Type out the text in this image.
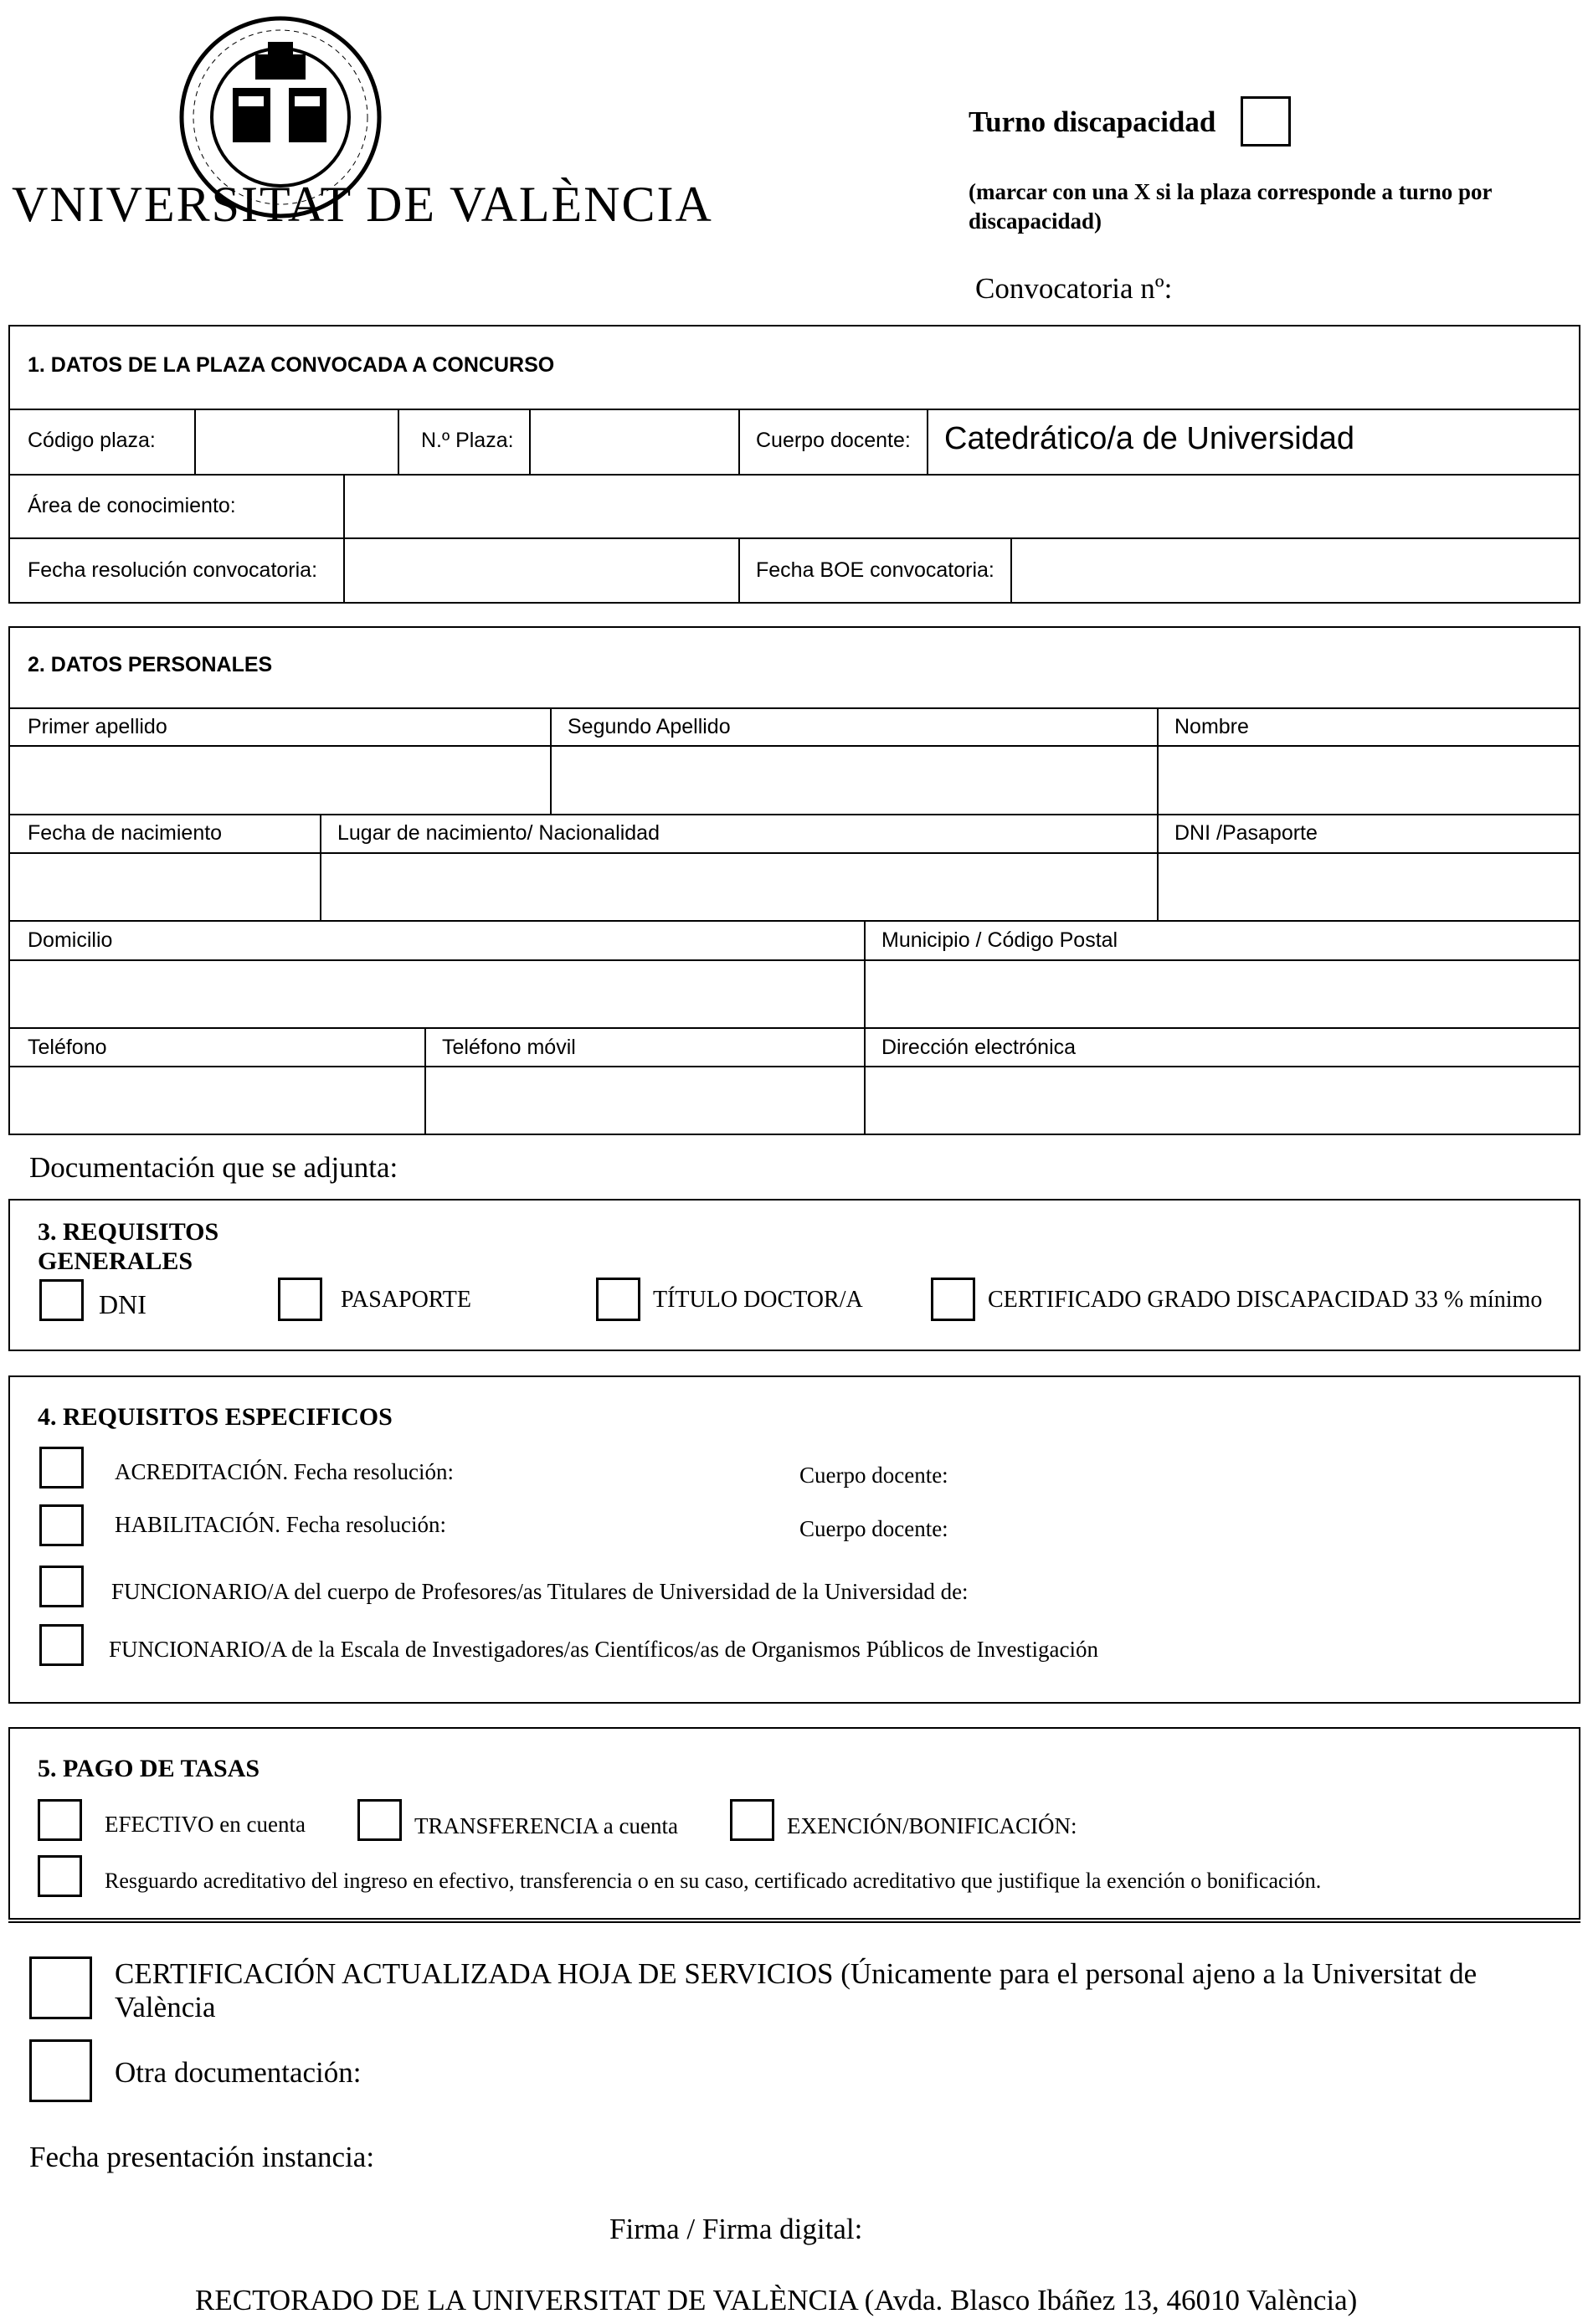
VNIVERSITAT DE VALÈNCIA
Turno discapacidad
(marcar con una X si la plaza corresponde a turno por discapacidad)
Convocatoria nº:
1. DATOS DE LA PLAZA CONVOCADA A CONCURSO
Código plaza:	N.º Plaza:	Cuerpo docente: Catedrático/a de Universidad
Área de conocimiento:
Fecha resolución convocatoria:	Fecha BOE convocatoria:
2. DATOS PERSONALES
Primer apellido	Segundo Apellido	Nombre
Fecha de nacimiento	Lugar de nacimiento/ Nacionalidad	DNI /Pasaporte
Domicilio	Municipio / Código Postal
Teléfono	Teléfono móvil	Dirección electrónica
Documentación que se adjunta:
3. REQUISITOS
GENERALES
DNI	PASAPORTE	TÍTULO DOCTOR/A	CERTIFICADO GRADO DISCAPACIDAD 33 % mínimo
4. REQUISITOS ESPECIFICOS
ACREDITACIÓN. Fecha resolución:	Cuerpo docente:
HABILITACIÓN. Fecha resolución:	Cuerpo docente:
FUNCIONARIO/A del cuerpo de Profesores/as Titulares de Universidad de la Universidad de:
FUNCIONARIO/A de la Escala de Investigadores/as Científicos/as de Organismos Públicos de Investigación
5. PAGO DE TASAS
EFECTIVO en cuenta	TRANSFERENCIA a cuenta	EXENCIÓN/BONIFICACIÓN:
Resguardo acreditativo del ingreso en efectivo, transferencia o en su caso, certificado acreditativo que justifique la exención o bonificación.
CERTIFICACIÓN ACTUALIZADA HOJA DE SERVICIOS (Únicamente para el personal ajeno a la Universitat de
València
Otra documentación:
Fecha presentación instancia:
Firma / Firma digital:
RECTORADO DE LA UNIVERSITAT DE VALÈNCIA (Avda. Blasco Ibáñez 13, 46010 València)
